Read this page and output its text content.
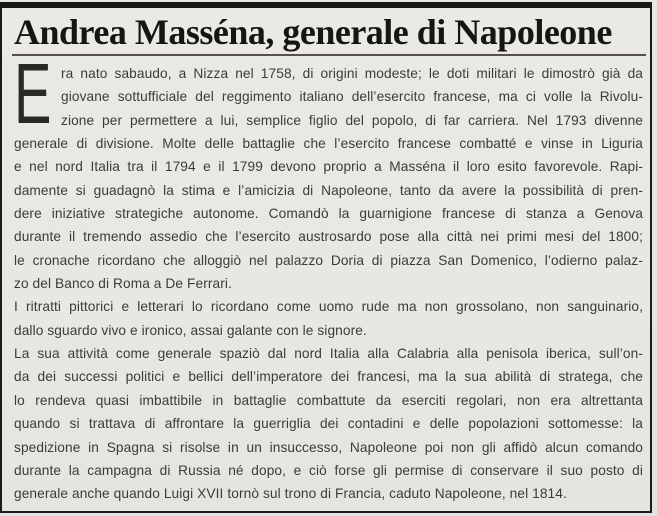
Andrea Masséna, generale di Napoleone
E ra nato sabaudo, a Nizza nel 1758, di origini modeste; le doti militari le dimostrò già da
giovane sottufficiale del reggimento italiano dell’esercito francese, ma ci volle la Rivolu-
zione per permettere a lui, semplice figlio del popolo, di far carriera. Nel 1793 divenne
generale di divisione. Molte delle battaglie che l’esercito francese combatté e vinse in Liguria
e nel nord Italia tra il 1794 e il 1799 devono proprio a Masséna il loro esito favorevole. Rapi-
damente si guadagnò la stima e l’amicizia di Napoleone, tanto da avere la possibilità di pren-
dere iniziative strategiche autonome. Comandò la guarnigione francese di stanza a Genova
durante il tremendo assedio che l’esercito austrosardo pose alla città nei primi mesi del 1800;
le cronache ricordano che alloggiò nel palazzo Doria di piazza San Domenico, l’odierno palaz-
zo del Banco di Roma a De Ferrari.
I ritratti pittorici e letterari lo ricordano come uomo rude ma non grossolano, non sanguinario,
dallo sguardo vivo e ironico, assai galante con le signore.
La sua attività come generale spaziò dal nord Italia alla Calabria alla penisola iberica, sull’on-
da dei successi politici e bellici dell’imperatore dei francesi, ma la sua abilità di stratega, che
lo rendeva quasi imbattibile in battaglie combattute da eserciti regolari, non era altrettanta
quando si trattava di affrontare la guerriglia dei contadini e delle popolazioni sottomesse: la
spedizione in Spagna si risolse in un insuccesso, Napoleone poi non gli affidò alcun comando
durante la campagna di Russia né dopo, e ciò forse gli permise di conservare il suo posto di
generale anche quando Luigi XVII tornò sul trono di Francia, caduto Napoleone, nel 1814.
